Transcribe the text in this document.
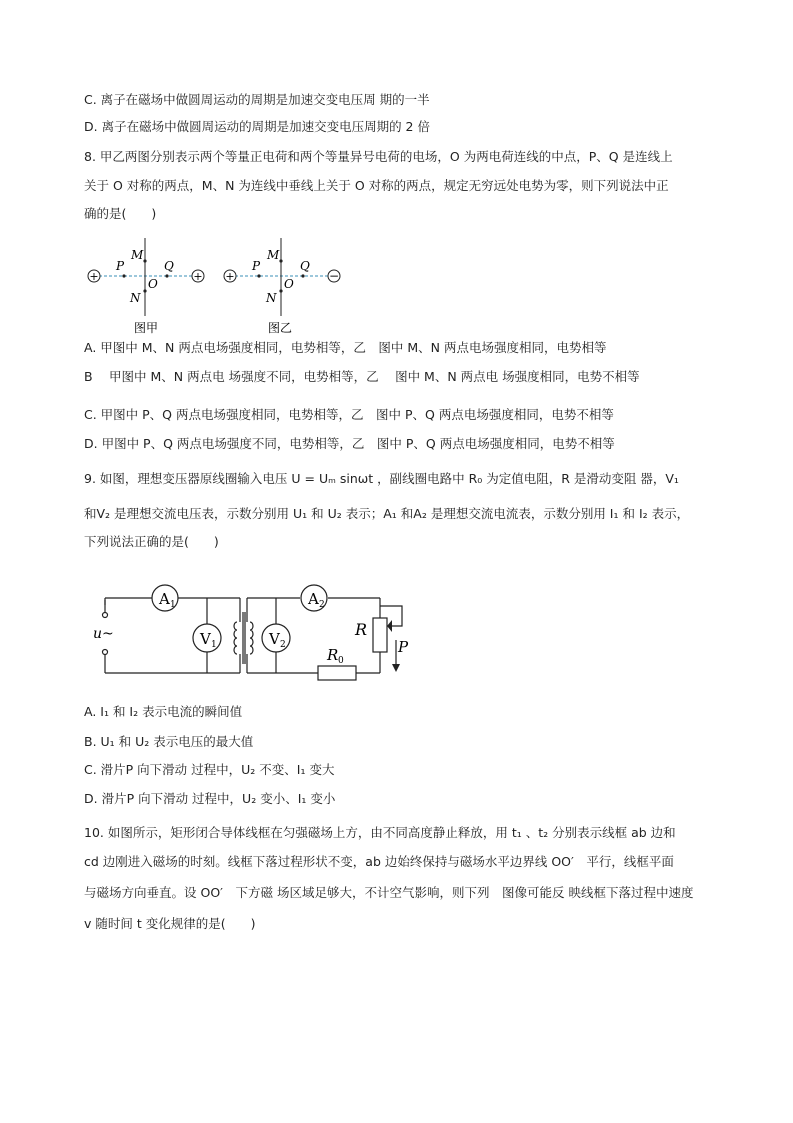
C. 离子在磁场中做圆周运动的周期是加速交变电压周 期的一半
D. 离子在磁场中做圆周运动的周期是加速交变电压周期的 2 倍
8. 甲乙两图分别表示两个等量正电荷和两个等量异号电荷的电场，O 为两电荷连线的中点，P、Q 是连线上
关于 O 对称的两点，M、N 为连线中垂线上关于 O 对称的两点，规定无穷远处电势为零，则下列说法中正
确的是(　　)
+	+
P	Q
M
O
N
图甲
+	−
P	Q
M
O
N
图乙
A. 甲图中 M、N 两点电场强度相同，电势相等，乙　图中 M、N 两点电场强度相同，电势相等
B　 甲图中 M、N 两点电 场强度不同，电势相等，乙　 图中 M、N 两点电 场强度相同，电势不相等
C. 甲图中 P、Q 两点电场强度相同，电势相等，乙　图中 P、Q 两点电场强度相同，电势不相等
D. 甲图中 P、Q 两点电场强度不同，电势相等，乙　图中 P、Q 两点电场强度相同，电势不相等
9. 如图，理想变压器原线圈输入电压 U = Uₘ sinωt ，副线圈电路中 R₀ 为定值电阻，R 是滑动变阻 器，V₁
和V₂ 是理想交流电压表，示数分别用 U₁ 和 U₂ 表示；A₁ 和A₂ 是理想交流电流表，示数分别用 I₁ 和 I₂ 表示，
下列说法正确的是(　　)
A 1	A 2
V 1	V 2
u~	R
R 0
P
A. I₁ 和 I₂ 表示电流的瞬间值
B. U₁ 和 U₂ 表示电压的最大值
C. 滑片P 向下滑动 过程中，U₂ 不变、I₁ 变大
D. 滑片P 向下滑动 过程中，U₂ 变小、I₁ 变小
10. 如图所示，矩形闭合导体线框在匀强磁场上方，由不同高度静止释放，用 t₁ 、t₂ 分别表示线框 ab 边和
cd 边刚进入磁场的时刻。线框下落过程形状不变，ab 边始终保持与磁场水平边界线 OO′　平行，线框平面
与磁场方向垂直。设 OO′　下方磁 场区域足够大，不计空气影响，则下列　图像可能反 映线框下落过程中速度
v 随时间 t 变化规律的是(　　)
